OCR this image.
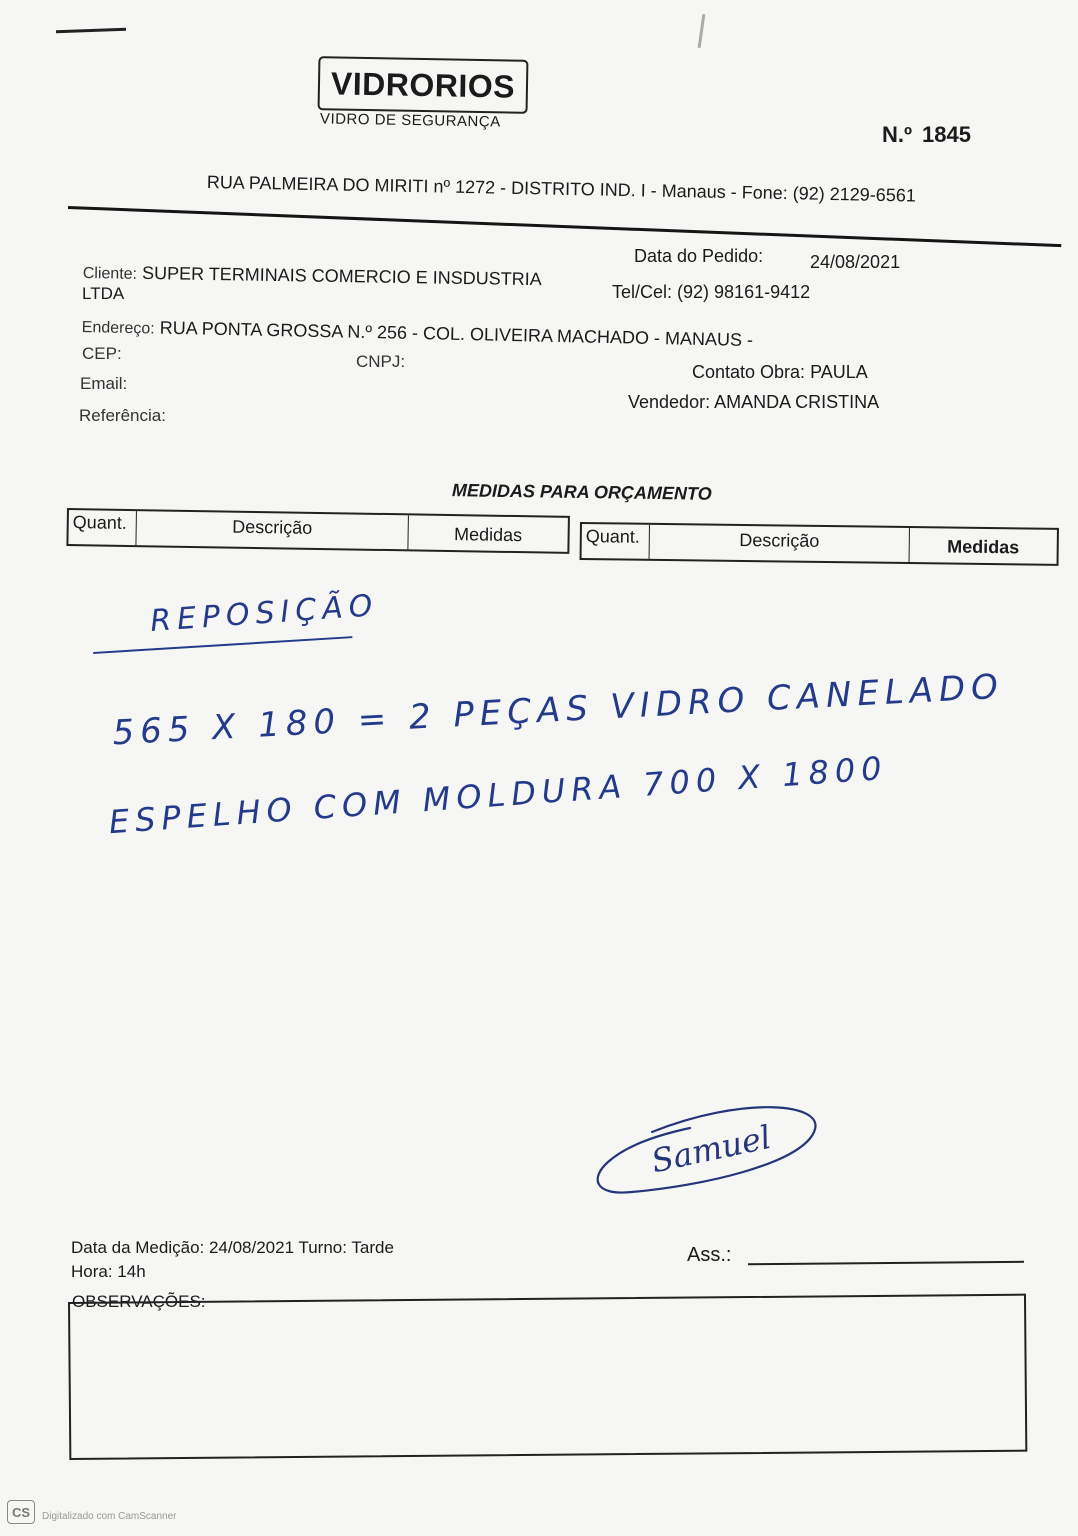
VIDRORIOS
VIDRO DE SEGURANÇA
N.º 1845
RUA PALMEIRA DO MIRITI nº 1272 - DISTRITO IND. I - Manaus - Fone: (92) 2129-6561
Cliente: SUPER TERMINAIS COMERCIO E INSDUSTRIA
LTDA
Data do Pedido:	24/08/2021
Tel/Cel: (92) 98161-9412
Endereço: RUA PONTA GROSSA N.º 256 - COL. OLIVEIRA MACHADO - MANAUS -
CEP:	CNPJ:
Contato Obra: PAULA
Email:
Vendedor: AMANDA CRISTINA
Referência:
MEDIDAS PARA ORÇAMENTO
Quant.	Descrição	Medidas	Quant.	Descrição	Medidas
REPOSIÇÃO
565 X 180 = 2 PEÇAS VIDRO CANELADO
ESPELHO COM MOLDURA 700 X 1800
Samuel
Data da Medição: 24/08/2021 Turno: Tarde
Hora: 14h
Ass.:
OBSERVAÇÕES:
CS	Digitalizado com CamScanner
